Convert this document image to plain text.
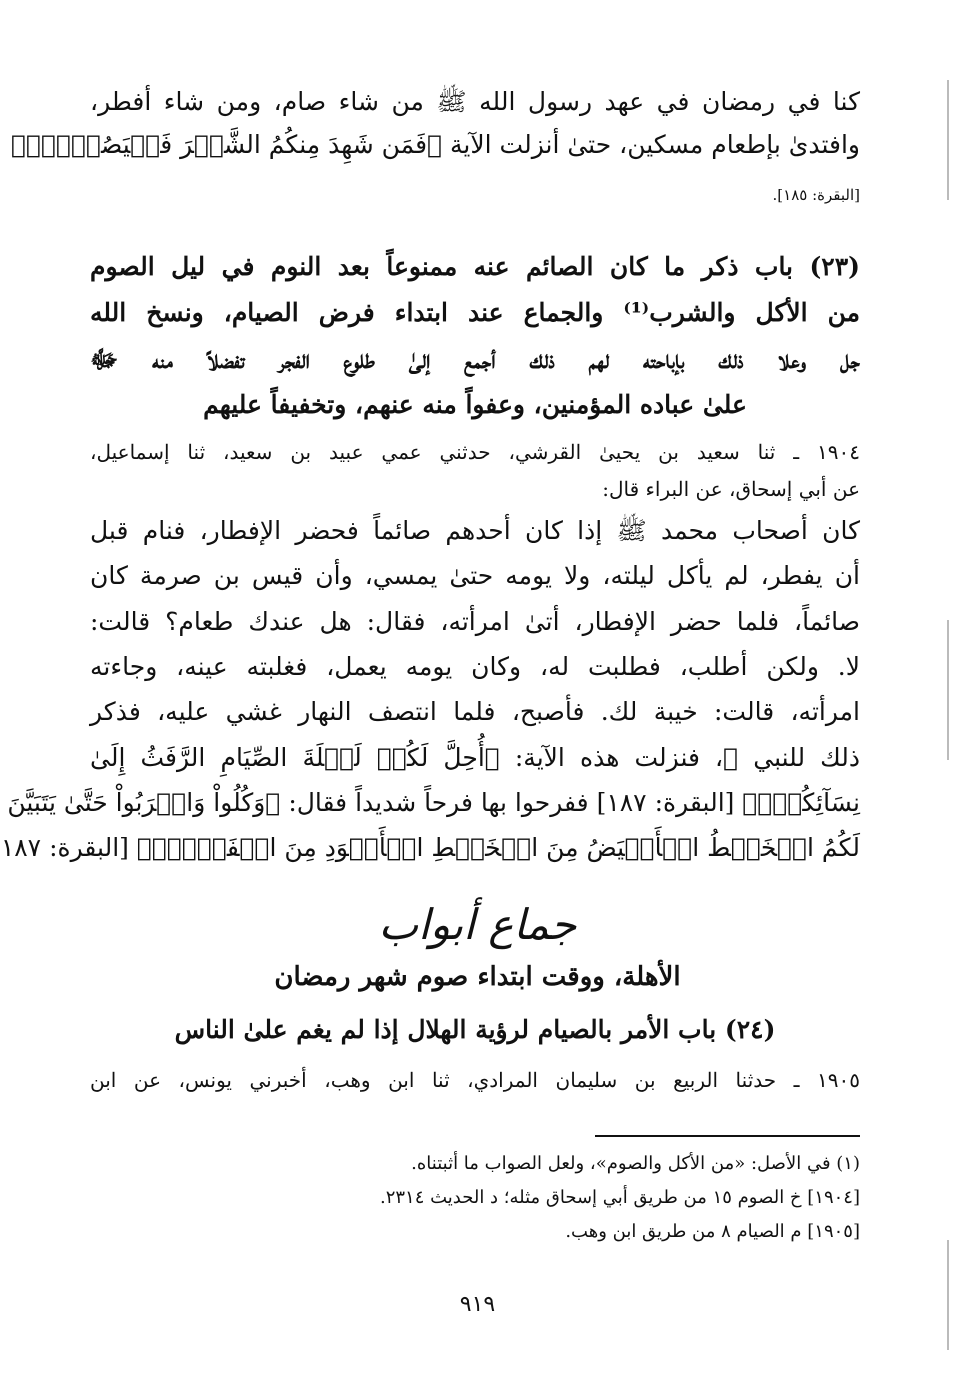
كنا في رمضان في عهد رسول الله ﷺ من شاء صام، ومن شاء أفطر،
وافتدىٰ بإطعام مسكين، حتىٰ أنزلت الآية ﴿فَمَن شَهِدَ مِنكُمُ الشَّهۡرَ فَلۡيَصُمۡهُۖ﴾
[البقرة: ١٨٥].
(٢٣) باب ذكر ما كان الصائم عنه ممنوعاً بعد النوم في ليل الصوم
من الأكل والشرب⁽¹⁾ والجماع عند ابتداء فرض الصيام، ونسخ الله
جل وعلا ذلك بإباحته لهم ذلك أجمع إلىٰ طلوع الفجر تفضلاً منه ﷻ
علىٰ عباده المؤمنين، وعفواً منه عنهم، وتخفيفاً عليهم
١٩٠٤ ـ ثنا سعيد بن يحيىٰ القرشي، حدثني عمي عبيد بن سعيد، ثنا إسماعيل،
عن أبي إسحاق، عن البراء قال:
كان أصحاب محمد ﷺ إذا كان أحدهم صائماً فحضر الإفطار، فنام قبل
أن يفطر، لم يأكل ليلته، ولا يومه حتىٰ يمسي، وأن قيس بن صرمة كان
صائماً، فلما حضر الإفطار، أتىٰ امرأته، فقال: هل عندك طعام؟ قالت:
لا. ولكن أطلب، فطلبت له، وكان يومه يعمل، فغلبته عينه، وجاءته
امرأته، قالت: خيبة لك. فأصبح، فلما انتصف النهار غشي عليه، فذكر
ذلك للنبي ﷺ، فنزلت هذه الآية: ﴿أُحِلَّ لَكُمۡ لَيۡلَةَ الصِّيَامِ الرَّفَثُ إِلَىٰ
نِسَآئِكُمۡۚ﴾ [البقرة: ١٨٧] ففرحوا بها فرحاً شديداً فقال: ﴿وَكُلُواْ وَاشۡرَبُواْ حَتَّىٰ يَتَبَيَّنَ
لَكُمُ الۡخَيۡطُ الۡأَبۡيَضُ مِنَ الۡخَيۡطِ الۡأَسۡوَدِ مِنَ الۡفَجۡرِۖ﴾ [البقرة: ١٨٧
جماع أبواب
الأهلة، ووقت ابتداء صوم شهر رمضان
(٢٤) باب الأمر بالصيام لرؤية الهلال إذا لم يغم علىٰ الناس
١٩٠٥ ـ حدثنا الربيع بن سليمان المرادي، ثنا ابن وهب، أخبرني يونس، عن ابن
(١) في الأصل: «من الأكل والصوم»، ولعل الصواب ما أثبتناه.
[١٩٠٤] خ الصوم ١٥ من طريق أبي إسحاق مثله؛ د الحديث ٢٣١٤.
[١٩٠٥] م الصيام ٨ من طريق ابن وهب.
٩١٩
